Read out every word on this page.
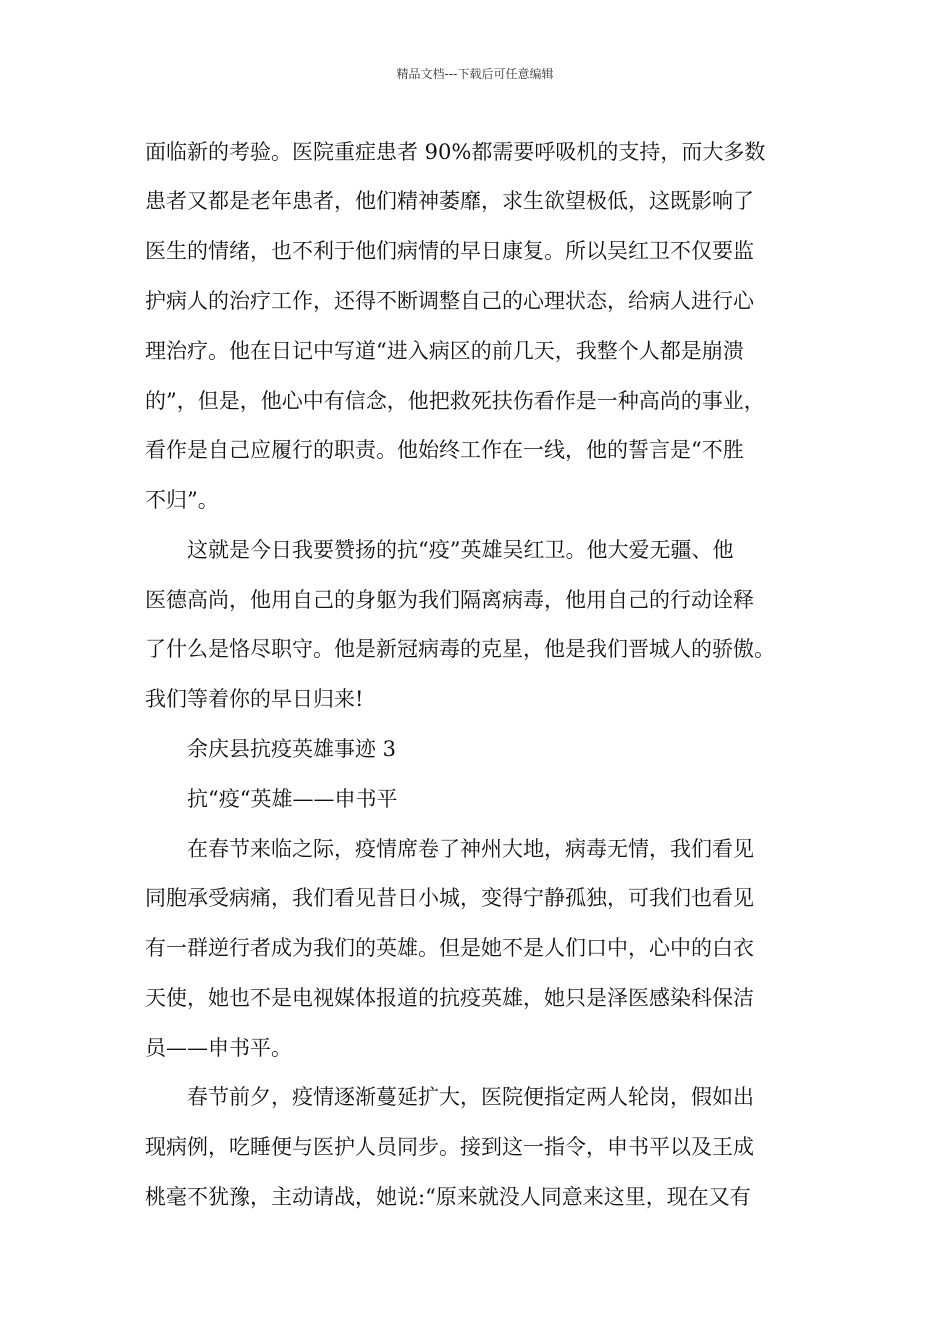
精品文档---下载后可任意编辑

面临新的考验。医院重症患者 90%都需要呼吸机的支持，而大多数

患者又都是老年患者，他们精神萎靡，求生欲望极低，这既影响了

医生的情绪，也不利于他们病情的早日康复。所以吴红卫不仅要监

护病人的治疗工作，还得不断调整自己的心理状态，给病人进行心

理治疗。他在日记中写道“进入病区的前几天，我整个人都是崩溃

的”，但是，他心中有信念，他把救死扶伤看作是一种高尚的事业，

看作是自己应履行的职责。他始终工作在一线，他的誓言是“不胜

不归”。

　　这就是今日我要赞扬的抗“疫”英雄吴红卫。他大爱无疆、他

医德高尚，他用自己的身躯为我们隔离病毒，他用自己的行动诠释

了什么是恪尽职守。他是新冠病毒的克星，他是我们晋城人的骄傲。

我们等着你的早日归来!

　　余庆县抗疫英雄事迹 3

　　抗“疫“英雄——申书平

　　在春节来临之际，疫情席卷了神州大地，病毒无情，我们看见

同胞承受病痛，我们看见昔日小城，变得宁静孤独，可我们也看见

有一群逆行者成为我们的英雄。但是她不是人们口中，心中的白衣

天使，她也不是电视媒体报道的抗疫英雄，她只是泽医感染科保洁

员——申书平。

　　春节前夕，疫情逐渐蔓延扩大，医院便指定两人轮岗，假如出

现病例，吃睡便与医护人员同步。接到这一指令，申书平以及王成

桃毫不犹豫，主动请战，她说:“原来就没人同意来这里，现在又有
